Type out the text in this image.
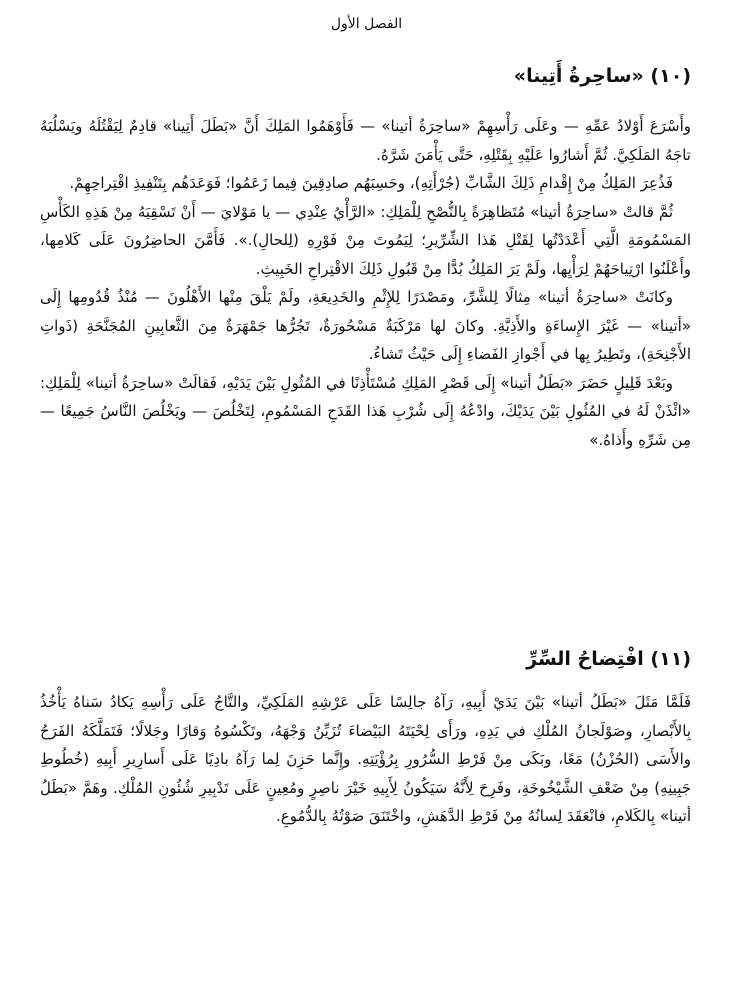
الفصل الأول
(١٠) «ساحِرةُ أَتِينا»

وأَسْرَعَ أَوْلادُ عَمِّهِ — وعَلَى رَأْسِهِمْ «ساحِرَةُ أتينا» — فَأَوْهَمُوا المَلِكَ أَنَّ «بَطَلَ أَتِينا» قادِمٌ لِيَقْتُلَهُ ويَسْلُبَهُ تاجَهُ المَلَكِيَّ. ثُمَّ أَشارُوا عَلَيْهِ بِقَتْلِهِ، حَتَّى يَأْمَنَ شَرَّهُ.

فَذُعِرَ المَلِكُ مِنْ إِقْدامِ ذَلِكَ الشَّابِّ (جُرْأَتِهِ)، وحَسِبَهُم صادِقِينَ فِيما زَعَمُوا؛ فَوَعَدَهُم بِتَنْفِيذِ اقْتِراحِهِمْ.

ثُمَّ قالتْ «ساحِرَةُ أتينا» مُتَظاهِرَةً بِالنُّصْحِ لِلْمَلِكِ: «الرَّأْيُ عِنْدِي — يا مَوْلايَ — أَنْ تَسْقِيَهُ مِنْ هَذِهِ الكَأْسِ المَسْمُومَةِ الَّتِي أَعْدَدْتُها لِقَتْلِ هَذا الشِّرِّيرِ؛ لِيَمُوتَ مِنْ فَوْرِهِ (لِلحالِ).». فَأَمَّنَ الحاضِرُونَ عَلَى كَلامِها، وأَعْلَنُوا ارْتِياحَهُمْ لِرَأْيِها، ولَمْ يَرَ المَلِكُ بُدًّا مِنْ قَبُولِ ذَلِكَ الاقْتِراحِ الخَبِيثِ.

وكانَتْ «ساحِرَةُ أتينا» مِثالًا لِلشَّرِّ، ومَصْدَرًا لِلإِثْمِ والخَدِيعَةِ، ولَمْ يَلْقَ مِنْها الأَهْلُونَ — مُنْذُ قُدُومِها إِلَى «أتينا» — غَيْرَ الإِساءَةِ والأَذِيَّةِ. وكانَ لها مَرْكَبَةٌ مَسْحُورَةٌ، تَجُرُّها جَمْهَرَةٌ مِنَ الثَّعابِينِ المُجَنَّحَةِ (ذَواتِ الأَجْنِحَةِ)، وتَطِيرُ بِها في أَجْوازِ الفَضاءِ إِلَى حَيْثُ تَشاءُ.

وبَعْدَ قَلِيلٍ حَضَرَ «بَطَلُ أتينا» إِلَى قَصْرِ المَلِكِ مُسْتَأْذِنًا في المُثُولِ بَيْنَ يَدَيْهِ، فَقالَتْ «ساحِرَةُ أتينا» لِلْمَلِكِ: «ائْذَنْ لَهُ في المُثُولِ بَيْنَ يَدَيْكَ، وادْعُهُ إِلَى شُرْبِ هَذا القَدَحِ المَسْمُومِ، لِتَخْلُصَ — ويَخْلُصَ النَّاسُ جَمِيعًا — مِن شَرِّهِ وأَذاهُ.»

(١١) افْتِضاحُ السِّرِّ

فَلَمَّا مَثَلَ «بَطَلُ أتينا» بَيْنَ يَدَيْ أَبِيهِ، رَآهُ جالِسًا عَلَى عَرْشِهِ المَلَكِيِّ، والتَّاجُ عَلَى رَأْسِهِ يَكادُ سَناهُ يَأْخُذُ بِالأَبْصارِ، وصَوْلَجانُ المُلْكِ في يَدِهِ، ورَأَى لِحْيَتَهُ البَيْضاءَ تُزَيِّنُ وَجْهَهُ، وتَكْسُوهُ وَقارًا وجَلالًا؛ فَتَمَلَّكَهُ الفَرَحُ والأَسَى (الحُزْنُ) مَعًا، وبَكَى مِنْ فَرْطِ السُّرُورِ بِرُؤْيَتِهِ. وإِنَّما حَزِنَ لِما رَآهُ بادِيًا عَلَى أَسارِيرِ أَبِيهِ (خُطُوطِ جَبِينِهِ) مِنْ ضَعْفِ الشَّيْخُوخَةِ، وفَرِحَ لِأَنَّهُ سَيَكُونُ لِأَبِيهِ خَيْرَ ناصِرٍ ومُعِينٍ عَلَى تَدْبِيرِ شُئُونِ المُلْكِ. وهَمَّ «بَطَلُ أتينا» بِالكَلامِ، فانْعَقَدَ لِسانُهُ مِنْ فَرْطِ الدَّهَشِ، واخْتَنَقَ صَوْتُهُ بِالدُّمُوعِ.
